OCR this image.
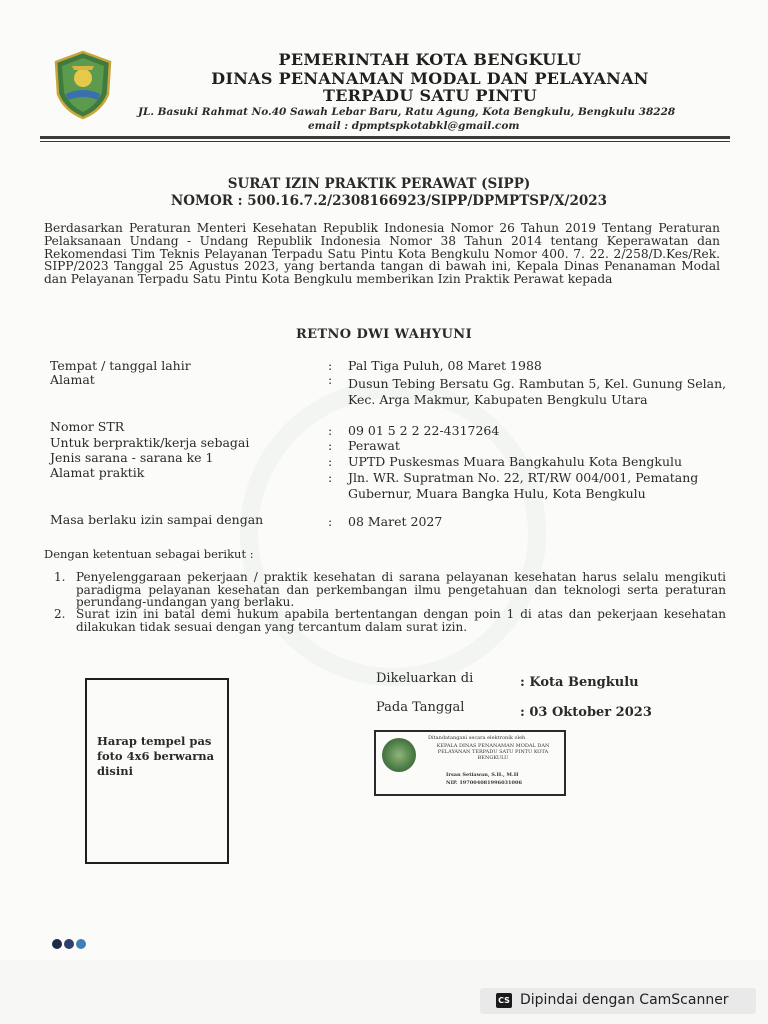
PEMERINTAH KOTA BENGKULU
DINAS PENANAMAN MODAL DAN PELAYANAN
TERPADU SATU PINTU
JL. Basuki Rahmat No.40 Sawah Lebar Baru, Ratu Agung, Kota Bengkulu, Bengkulu 38228
email : dpmptspkotabkl@gmail.com
SURAT IZIN PRAKTIK PERAWAT (SIPP)
NOMOR : 500.16.7.2/2308166923/SIPP/DPMPTSP/X/2023
Berdasarkan Peraturan Menteri Kesehatan Republik Indonesia Nomor 26 Tahun 2019 Tentang Peraturan Pelaksanaan Undang - Undang Republik Indonesia Nomor 38 Tahun 2014 tentang Keperawatan dan Rekomendasi Tim Teknis Pelayanan Terpadu Satu Pintu Kota Bengkulu Nomor 400. 7. 22. 2/258/D.Kes/Rek. SIPP/2023 Tanggal 25 Agustus 2023, yang bertanda tangan di bawah ini, Kepala Dinas Penanaman Modal dan Pelayanan Terpadu Satu Pintu Kota Bengkulu memberikan Izin Praktik Perawat kepada
RETNO DWI WAHYUNI
Tempat / tanggal lahir	: Pal Tiga Puluh, 08 Maret 1988
Alamat	: Dusun Tebing Bersatu Gg. Rambutan 5, Kel. Gunung Selan, Kec. Arga Makmur, Kabupaten Bengkulu Utara
Nomor STR	: 09 01 5 2 2 22-4317264
Untuk berpraktik/kerja sebagai	: Perawat
Jenis sarana - sarana ke 1	: UPTD Puskesmas Muara Bangkahulu Kota Bengkulu
Alamat praktik	: Jln. WR. Supratman No. 22, RT/RW 004/001, Pematang Gubernur, Muara Bangka Hulu, Kota Bengkulu
Masa berlaku izin sampai dengan	: 08 Maret 2027
Dengan ketentuan sebagai berikut :
1. Penyelenggaraan pekerjaan / praktik kesehatan di sarana pelayanan kesehatan harus selalu mengikuti paradigma pelayanan kesehatan dan perkembangan ilmu pengetahuan dan teknologi serta peraturan perundang-undangan yang berlaku.
2. Surat izin ini batal demi hukum apabila bertentangan dengan poin 1 di atas dan pekerjaan kesehatan dilakukan tidak sesuai dengan yang tercantum dalam surat izin.
Dikeluarkan di	: Kota Bengkulu
Pada Tanggal	: 03 Oktober 2023
Harap tempel pas foto 4x6 berwarna disini
Ditandatangani secara elektronik oleh
KEPALA DINAS PENANAMAN MODAL DAN PELAYANAN TERPADU SATU PINTU KOTA BENGKULU
Irsan Setiawan, S.H., M.H
NIP. 197004081996031006
CS Dipindai dengan CamScanner
